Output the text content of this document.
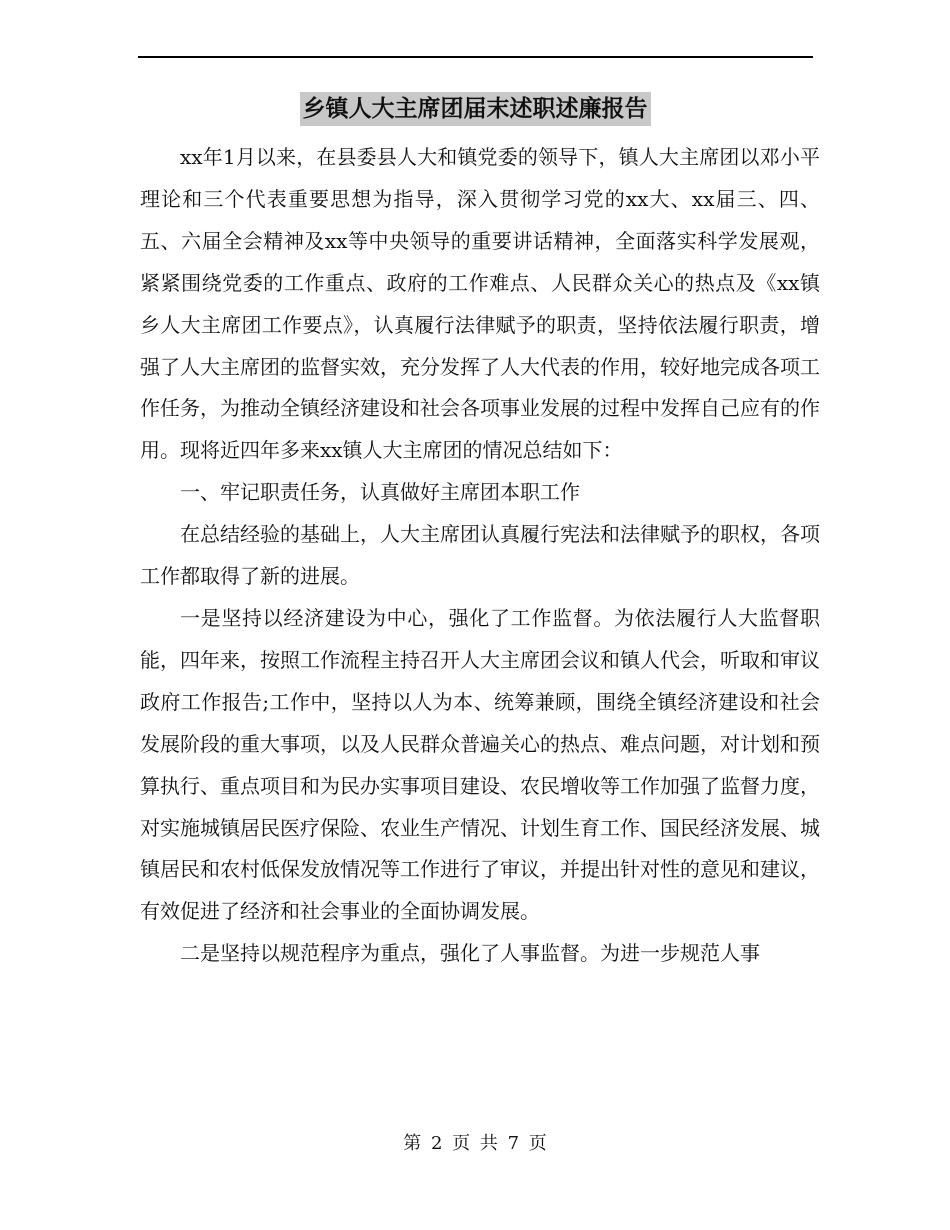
乡镇人大主席团届末述职述廉报告

xx年1月以来，在县委县人大和镇党委的领导下，镇人大主席团以邓小平理论和三个代表重要思想为指导，深入贯彻学习党的xx大、xx届三、四、五、六届全会精神及xx等中央领导的重要讲话精神，全面落实科学发展观，紧紧围绕党委的工作重点、政府的工作难点、人民群众关心的热点及《xx镇乡人大主席团工作要点》，认真履行法律赋予的职责，坚持依法履行职责，增强了人大主席团的监督实效，充分发挥了人大代表的作用，较好地完成各项工作任务，为推动全镇经济建设和社会各项事业发展的过程中发挥自己应有的作用。现将近四年多来xx镇人大主席团的情况总结如下：

一、牢记职责任务，认真做好主席团本职工作

在总结经验的基础上，人大主席团认真履行宪法和法律赋予的职权，各项工作都取得了新的进展。

一是坚持以经济建设为中心，强化了工作监督。为依法履行人大监督职能，四年来，按照工作流程主持召开人大主席团会议和镇人代会，听取和审议政府工作报告;工作中，坚持以人为本、统筹兼顾，围绕全镇经济建设和社会发展阶段的重大事项，以及人民群众普遍关心的热点、难点问题，对计划和预算执行、重点项目和为民办实事项目建设、农民增收等工作加强了监督力度，对实施城镇居民医疗保险、农业生产情况、计划生育工作、国民经济发展、城镇居民和农村低保发放情况等工作进行了审议，并提出针对性的意见和建议，有效促进了经济和社会事业的全面协调发展。

二是坚持以规范程序为重点，强化了人事监督。为进一步规范人事

第 2 页 共 7 页
